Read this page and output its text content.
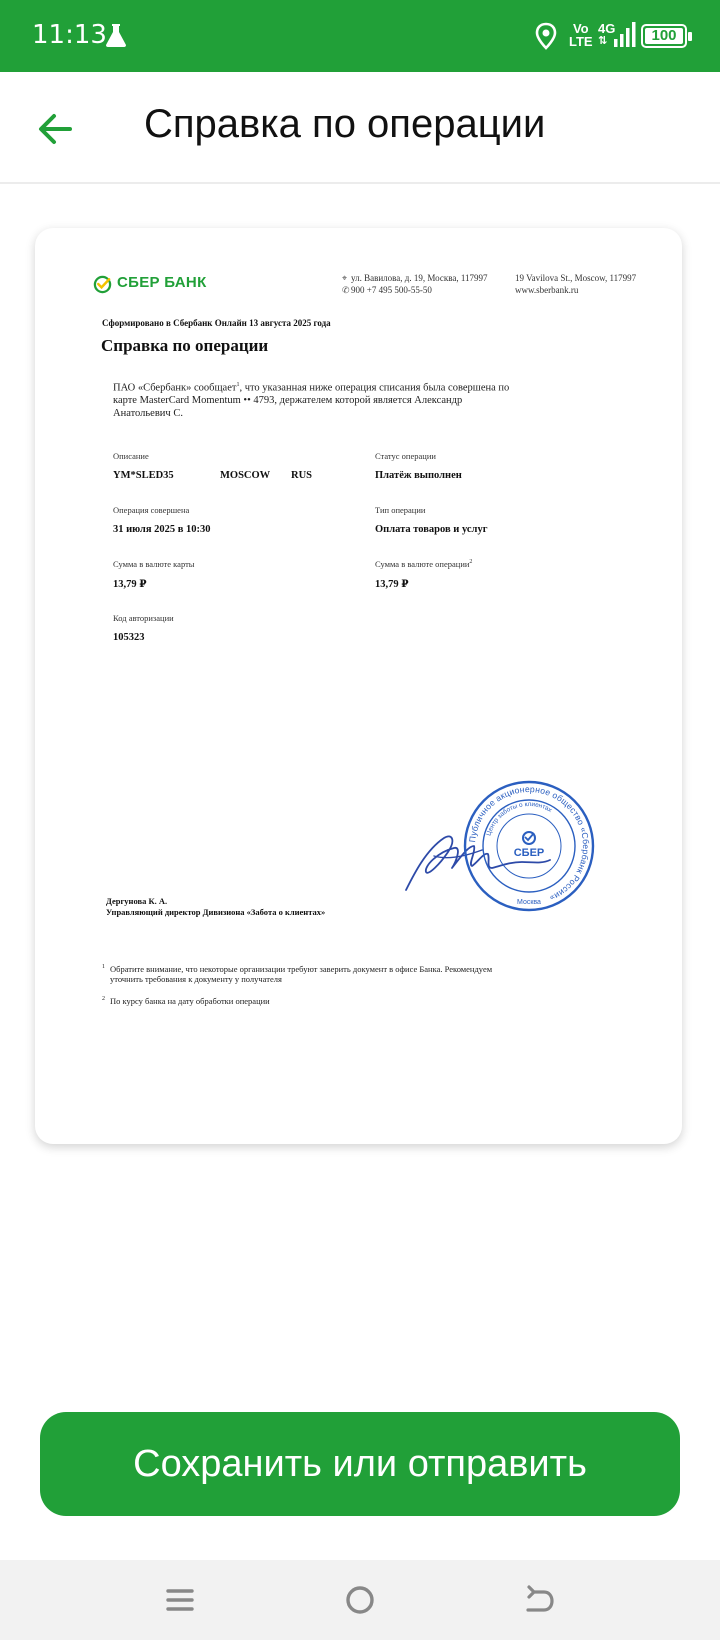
11:13	Vo
LTE
4G
⇅	100
Справка по операции
СБЕР БАНК	⌖ ул. Вавилова, д. 19, Москва, 117997
✆900 +7 495 500-55-50
19 Vavilova St., Moscow, 117997
www.sberbank.ru
Сформировано в Сбербанк Онлайн 13 августа 2025 года
Справка по операции
ПАО «Сбербанк» сообщает$^1$, что указанная ниже операция списания была совершена по карте MasterCard Momentum •• 4793, держателем которой является Александр Анатольевич С.
Описание
YM*SLED35	MOSCOW RUS
Статус операции
Платёж выполнен
Операция совершена
31 июля 2025 в 10:30
Тип операции
Оплата товаров и услуг
Сумма в валюте карты
13,79 ₽
Сумма в валюте операции$^2$
13,79 ₽
Код авторизации
105323
Дергунова К. А.
Управляющий директор Дивизиона «Забота о клиентах»
Публичное акционерное общество «Сбербанк России»
Центр заботы о клиентах
СБЕР
Москва
1 Обратите внимание, что некоторые организации требуют заверить документ в офисе Банка. Рекомендуем уточнить требования к документу у получателя
2 По курсу банка на дату обработки операции
Сохранить или отправить
